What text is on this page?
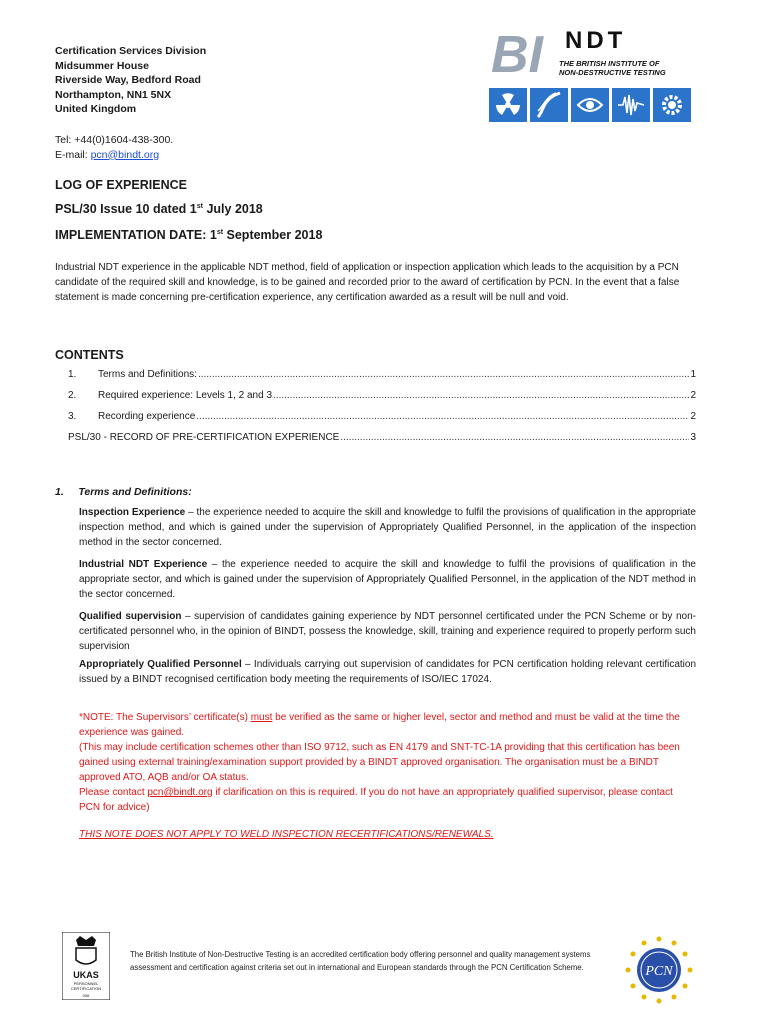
Certification Services Division
Midsummer House
Riverside Way, Bedford Road
Northampton, NN1 5NX
United Kingdom
Tel: +44(0)1604-438-300.
E-mail: pcn@bindt.org
BI NDT
THE BRITISH INSTITUTE OF
NON-DESTRUCTIVE TESTING
LOG OF EXPERIENCE
PSL/30 Issue 10 dated 1st July 2018
IMPLEMENTATION DATE: 1st September 2018
Industrial NDT experience in the applicable NDT method, field of application or inspection application which leads to the acquisition by a PCN candidate of the required skill and knowledge, is to be gained and recorded prior to the award of certification by PCN. In the event that a false statement is made concerning pre-certification experience, any certification awarded as a result will be null and void.
CONTENTS
1.	Terms and Definitions: .....	1
2.	Required experience: Levels 1, 2 and 3 .....	2
3.	Recording experience .....	2
PSL/30 - RECORD OF PRE-CERTIFICATION EXPERIENCE .....	3
1.     Terms and Definitions:
Inspection Experience – the experience needed to acquire the skill and knowledge to fulfil the provisions of qualification in the appropriate inspection method, and which is gained under the supervision of Appropriately Qualified Personnel, in the application of the inspection method in the sector concerned.
Industrial NDT Experience – the experience needed to acquire the skill and knowledge to fulfil the provisions of qualification in the appropriate sector, and which is gained under the supervision of Appropriately Qualified Personnel, in the application of the NDT method in the sector concerned.
Qualified supervision – supervision of candidates gaining experience by NDT personnel certificated under the PCN Scheme or by non-certificated personnel who, in the opinion of BINDT, possess the knowledge, skill, training and experience required to properly perform such supervision
Appropriately Qualified Personnel – Individuals carrying out supervision of candidates for PCN certification holding relevant certification issued by a BINDT recognised certification body meeting the requirements of ISO/IEC 17024.
*NOTE: The Supervisors’ certificate(s) must be verified as the same or higher level, sector and method and must be valid at the time the experience was gained.
(This may include certification schemes other than ISO 9712, such as EN 4179 and SNT-TC-1A providing that this certification has been gained using external training/examination support provided by a BINDT approved organisation. The organisation must be a BINDT approved ATO, AQB and/or OA status.
Please contact pcn@bindt.org if clarification on this is required. If you do not have an appropriately qualified supervisor, please contact PCN for advice)
THIS NOTE DOES NOT APPLY TO WELD INSPECTION RECERTIFICATIONS/RENEWALS.
UKAS
PERSONNEL
CERTIFICATION
006
The British Institute of Non-Destructive Testing is an accredited certification body offering personnel and quality management systems assessment and certification against criteria set out in international and European standards through the PCN Certification Scheme.	PCN
